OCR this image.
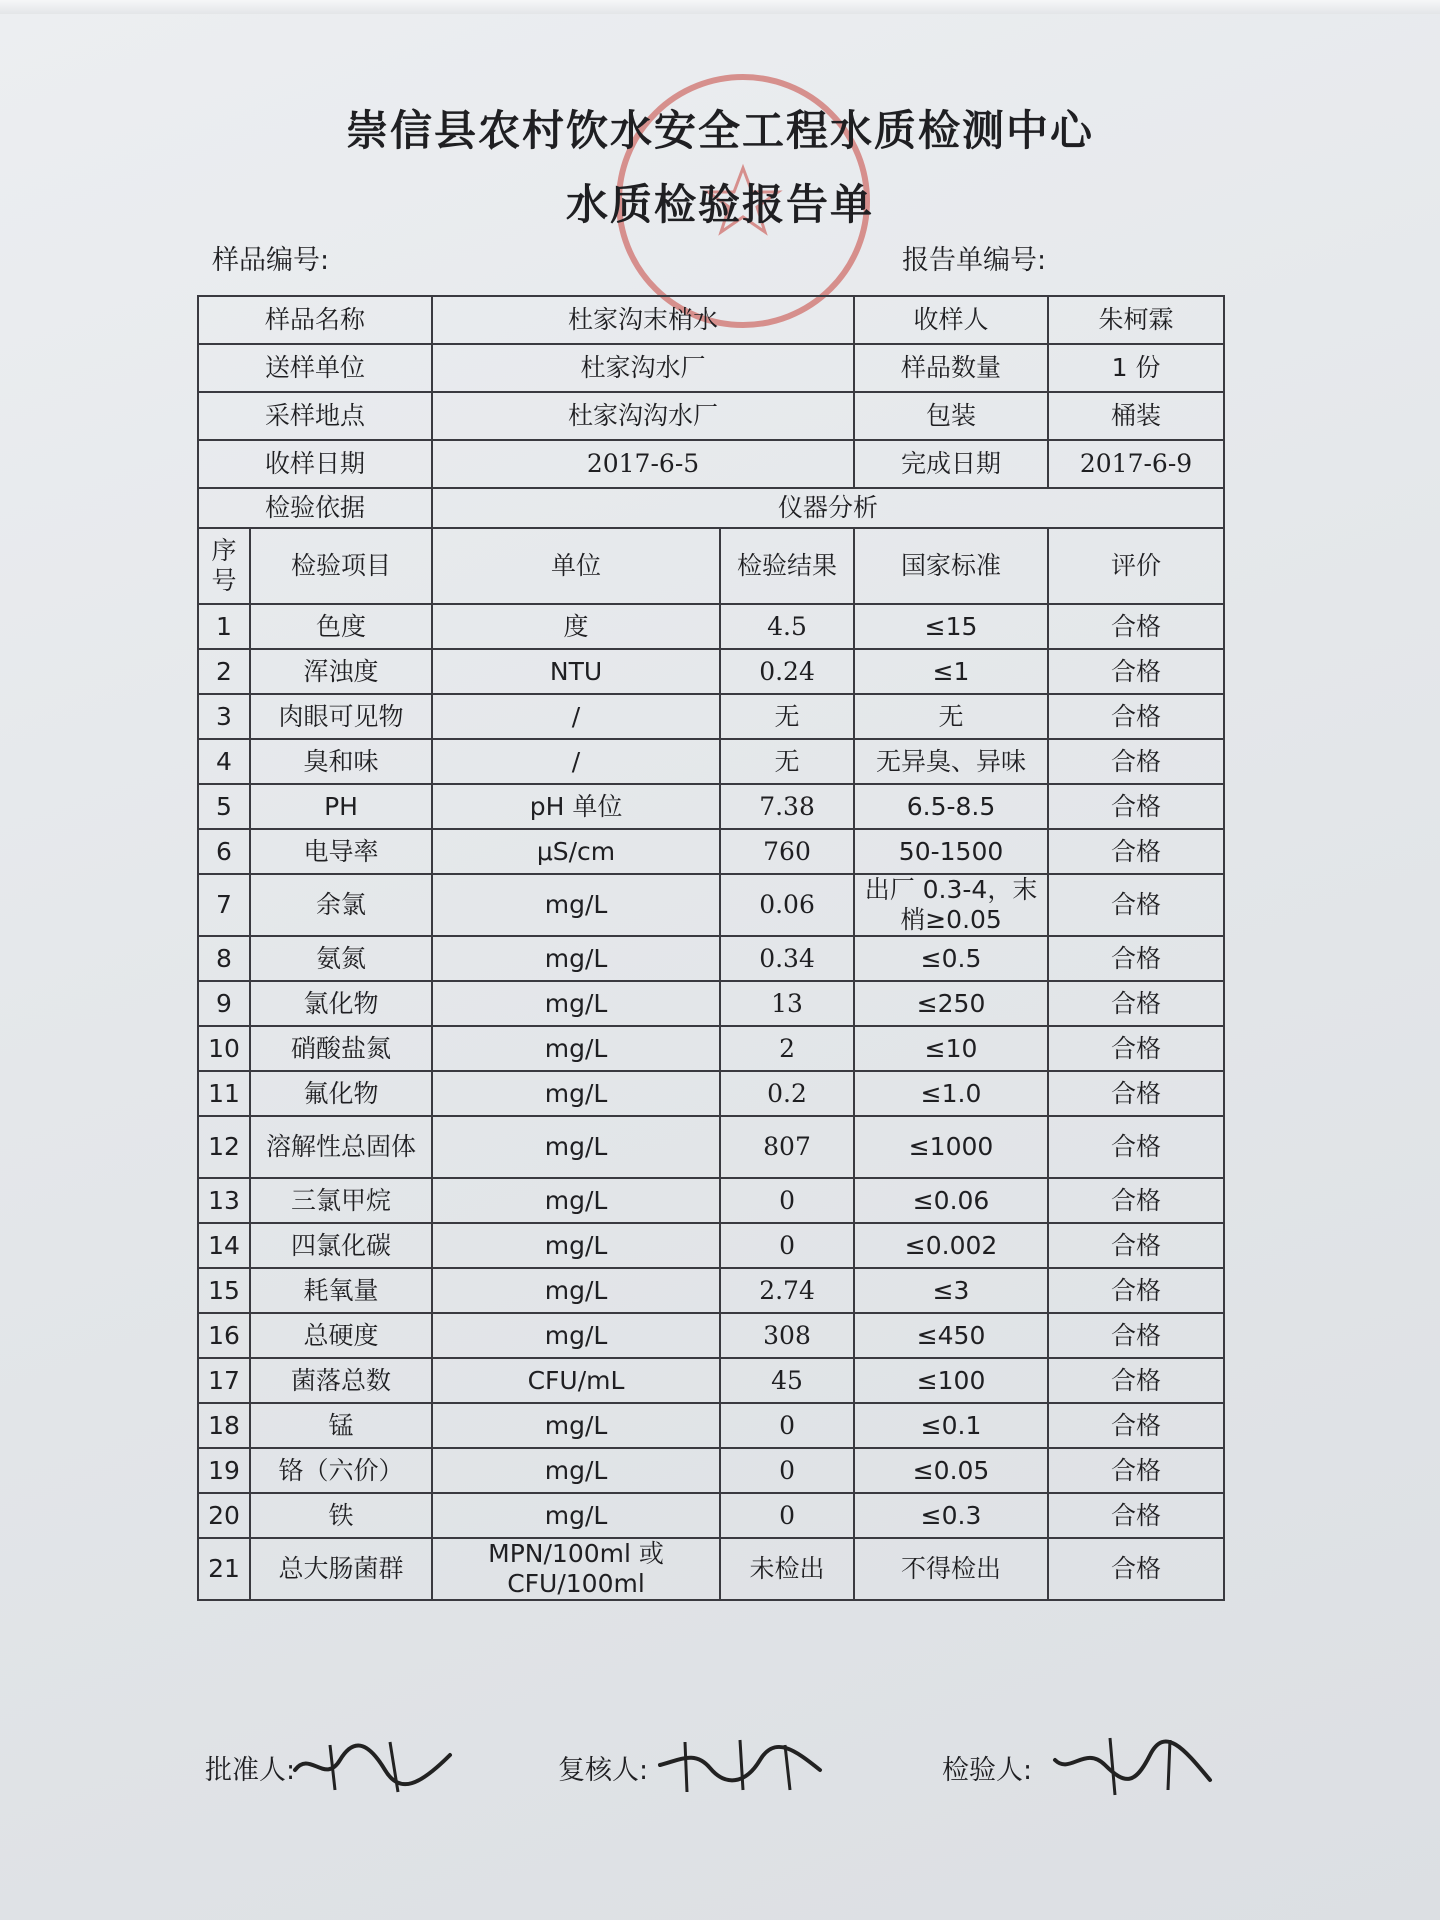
崇信县农村饮水安全工程水质检测中心
水质检验报告单
样品编号:	报告单编号:
样品名称		杜家沟末梢水		收样人	朱柯霖
送样单位		杜家沟水厂		样品数量	1 份
采样地点		杜家沟沟水厂		包装	桶装
收样日期		2017-6-5		完成日期	2017-6-9
检验依据		仪器分析			
序号	检验项目	单位	检验结果	国家标准	评价
1	色度	度	4.5	≤15	合格
2	浑浊度	NTU	0.24	≤1	合格
3	肉眼可见物	/	无	无	合格
4	臭和味	/	无	无异臭、异味	合格
5	PH	pH 单位	7.38	6.5-8.5	合格
6	电导率	μS/cm	760	50-1500	合格
7	余氯	mg/L	0.06	出厂 0.3-4，末梢≥0.05	合格
8	氨氮	mg/L	0.34	≤0.5	合格
9	氯化物	mg/L	13	≤250	合格
10	硝酸盐氮	mg/L	2	≤10	合格
11	氟化物	mg/L	0.2	≤1.0	合格
12	溶解性总固体	mg/L	807	≤1000	合格
13	三氯甲烷	mg/L	0	≤0.06	合格
14	四氯化碳	mg/L	0	≤0.002	合格
15	耗氧量	mg/L	2.74	≤3	合格
16	总硬度	mg/L	308	≤450	合格
17	菌落总数	CFU/mL	45	≤100	合格
18	锰	mg/L	0	≤0.1	合格
19	铬（六价）	mg/L	0	≤0.05	合格
20	铁	mg/L	0	≤0.3	合格
21	总大肠菌群	MPN/100ml 或 CFU/100ml	未检出	不得检出	合格
批准人:	复核人:	检验人:
